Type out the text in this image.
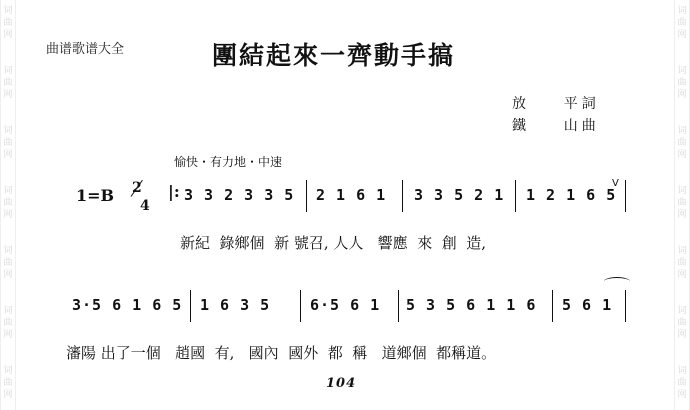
词
曲
网
词
曲
网
词
曲
网
词
曲
网
词
曲
网
词
曲
网
词
曲
网
词
曲
网
词
曲
网
词
曲
网
词
曲
网
词
曲
网
词
曲
网
词
曲
网
曲谱歌谱大全	團結起來一齊動手搞
放    平詞
鐵    山曲
愉快・有力地・中速
1=B 2
4
|: 3 3 2 3 3 5 2 1 6 1 3 3 5 2 1 1 2 1 6 5
V
新紀  錄鄉個  新 號召, 人人   響應  來  創  造,
3·5 6 1 6 5 1 6 3 5	6·5 6 1 5 3 5 6 1 1 6 5 6 1
瀋陽 出了一個   趙國  有,   國內  國外  都  稱   道鄉個  都稱道。
104
